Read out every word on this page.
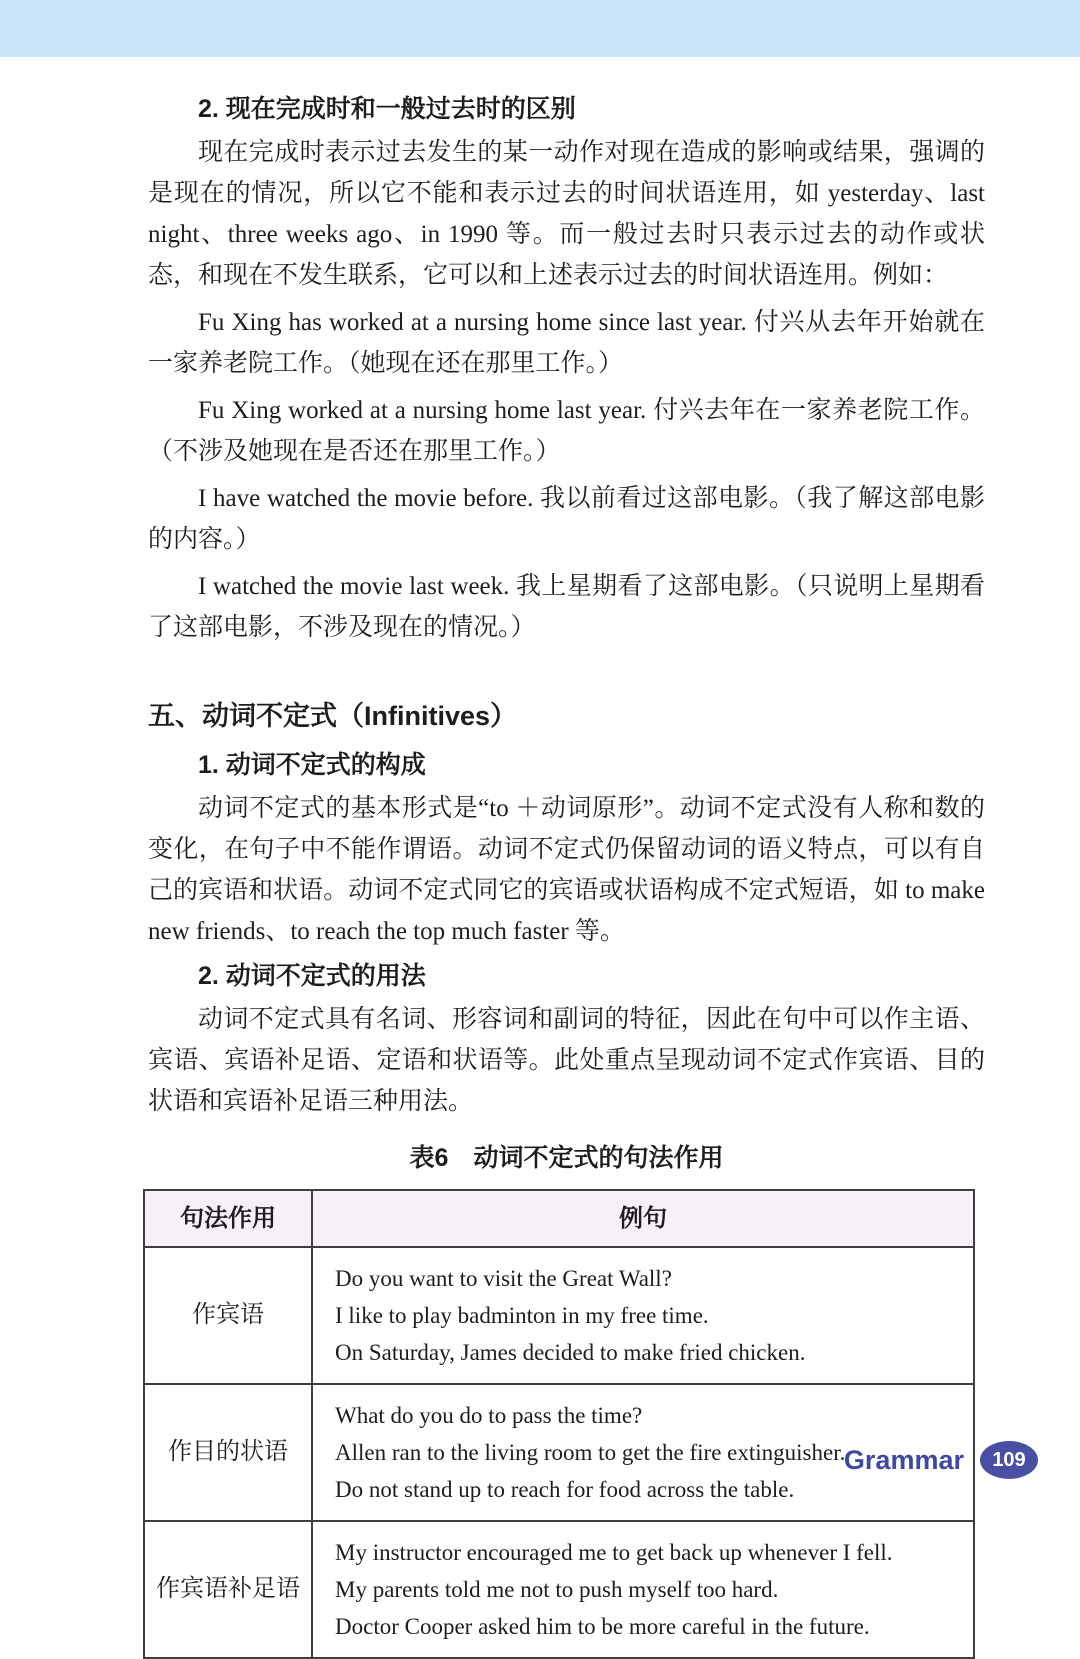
2. 现在完成时和一般过去时的区别
现在完成时表示过去发生的某一动作对现在造成的影响或结果，强调的是现在的情况，所以它不能和表示过去的时间状语连用，如 yesterday、last night、three weeks ago、in 1990 等。而一般过去时只表示过去的动作或状态，和现在不发生联系，它可以和上述表示过去的时间状语连用。例如：
Fu Xing has worked at a nursing home since last year. 付兴从去年开始就在一家养老院工作。（她现在还在那里工作。）
Fu Xing worked at a nursing home last year. 付兴去年在一家养老院工作。（不涉及她现在是否还在那里工作。）
I have watched the movie before. 我以前看过这部电影。（我了解这部电影的内容。）
I watched the movie last week. 我上星期看了这部电影。（只说明上星期看了这部电影，不涉及现在的情况。）
五、动词不定式（Infinitives）
1. 动词不定式的构成
动词不定式的基本形式是“to ＋动词原形”。动词不定式没有人称和数的变化，在句子中不能作谓语。动词不定式仍保留动词的语义特点，可以有自己的宾语和状语。动词不定式同它的宾语或状语构成不定式短语，如 to make new friends、to reach the top much faster 等。
2. 动词不定式的用法
动词不定式具有名词、形容词和副词的特征，因此在句中可以作主语、宾语、宾语补足语、定语和状语等。此处重点呈现动词不定式作宾语、目的状语和宾语补足语三种用法。
表6　动词不定式的句法作用
句法作用	例句
作宾语	Do you want to visit the Great Wall?
I like to play badminton in my free time.
On Saturday, James decided to make fried chicken.

作目的状语	What do you do to pass the time?
Allen ran to the living room to get the fire extinguisher.
Do not stand up to reach for food across the table.

作宾语补足语	My instructor encouraged me to get back up whenever I fell.
My parents told me not to push myself too hard.
Doctor Cooper asked him to be more careful in the future.
Grammar	109
